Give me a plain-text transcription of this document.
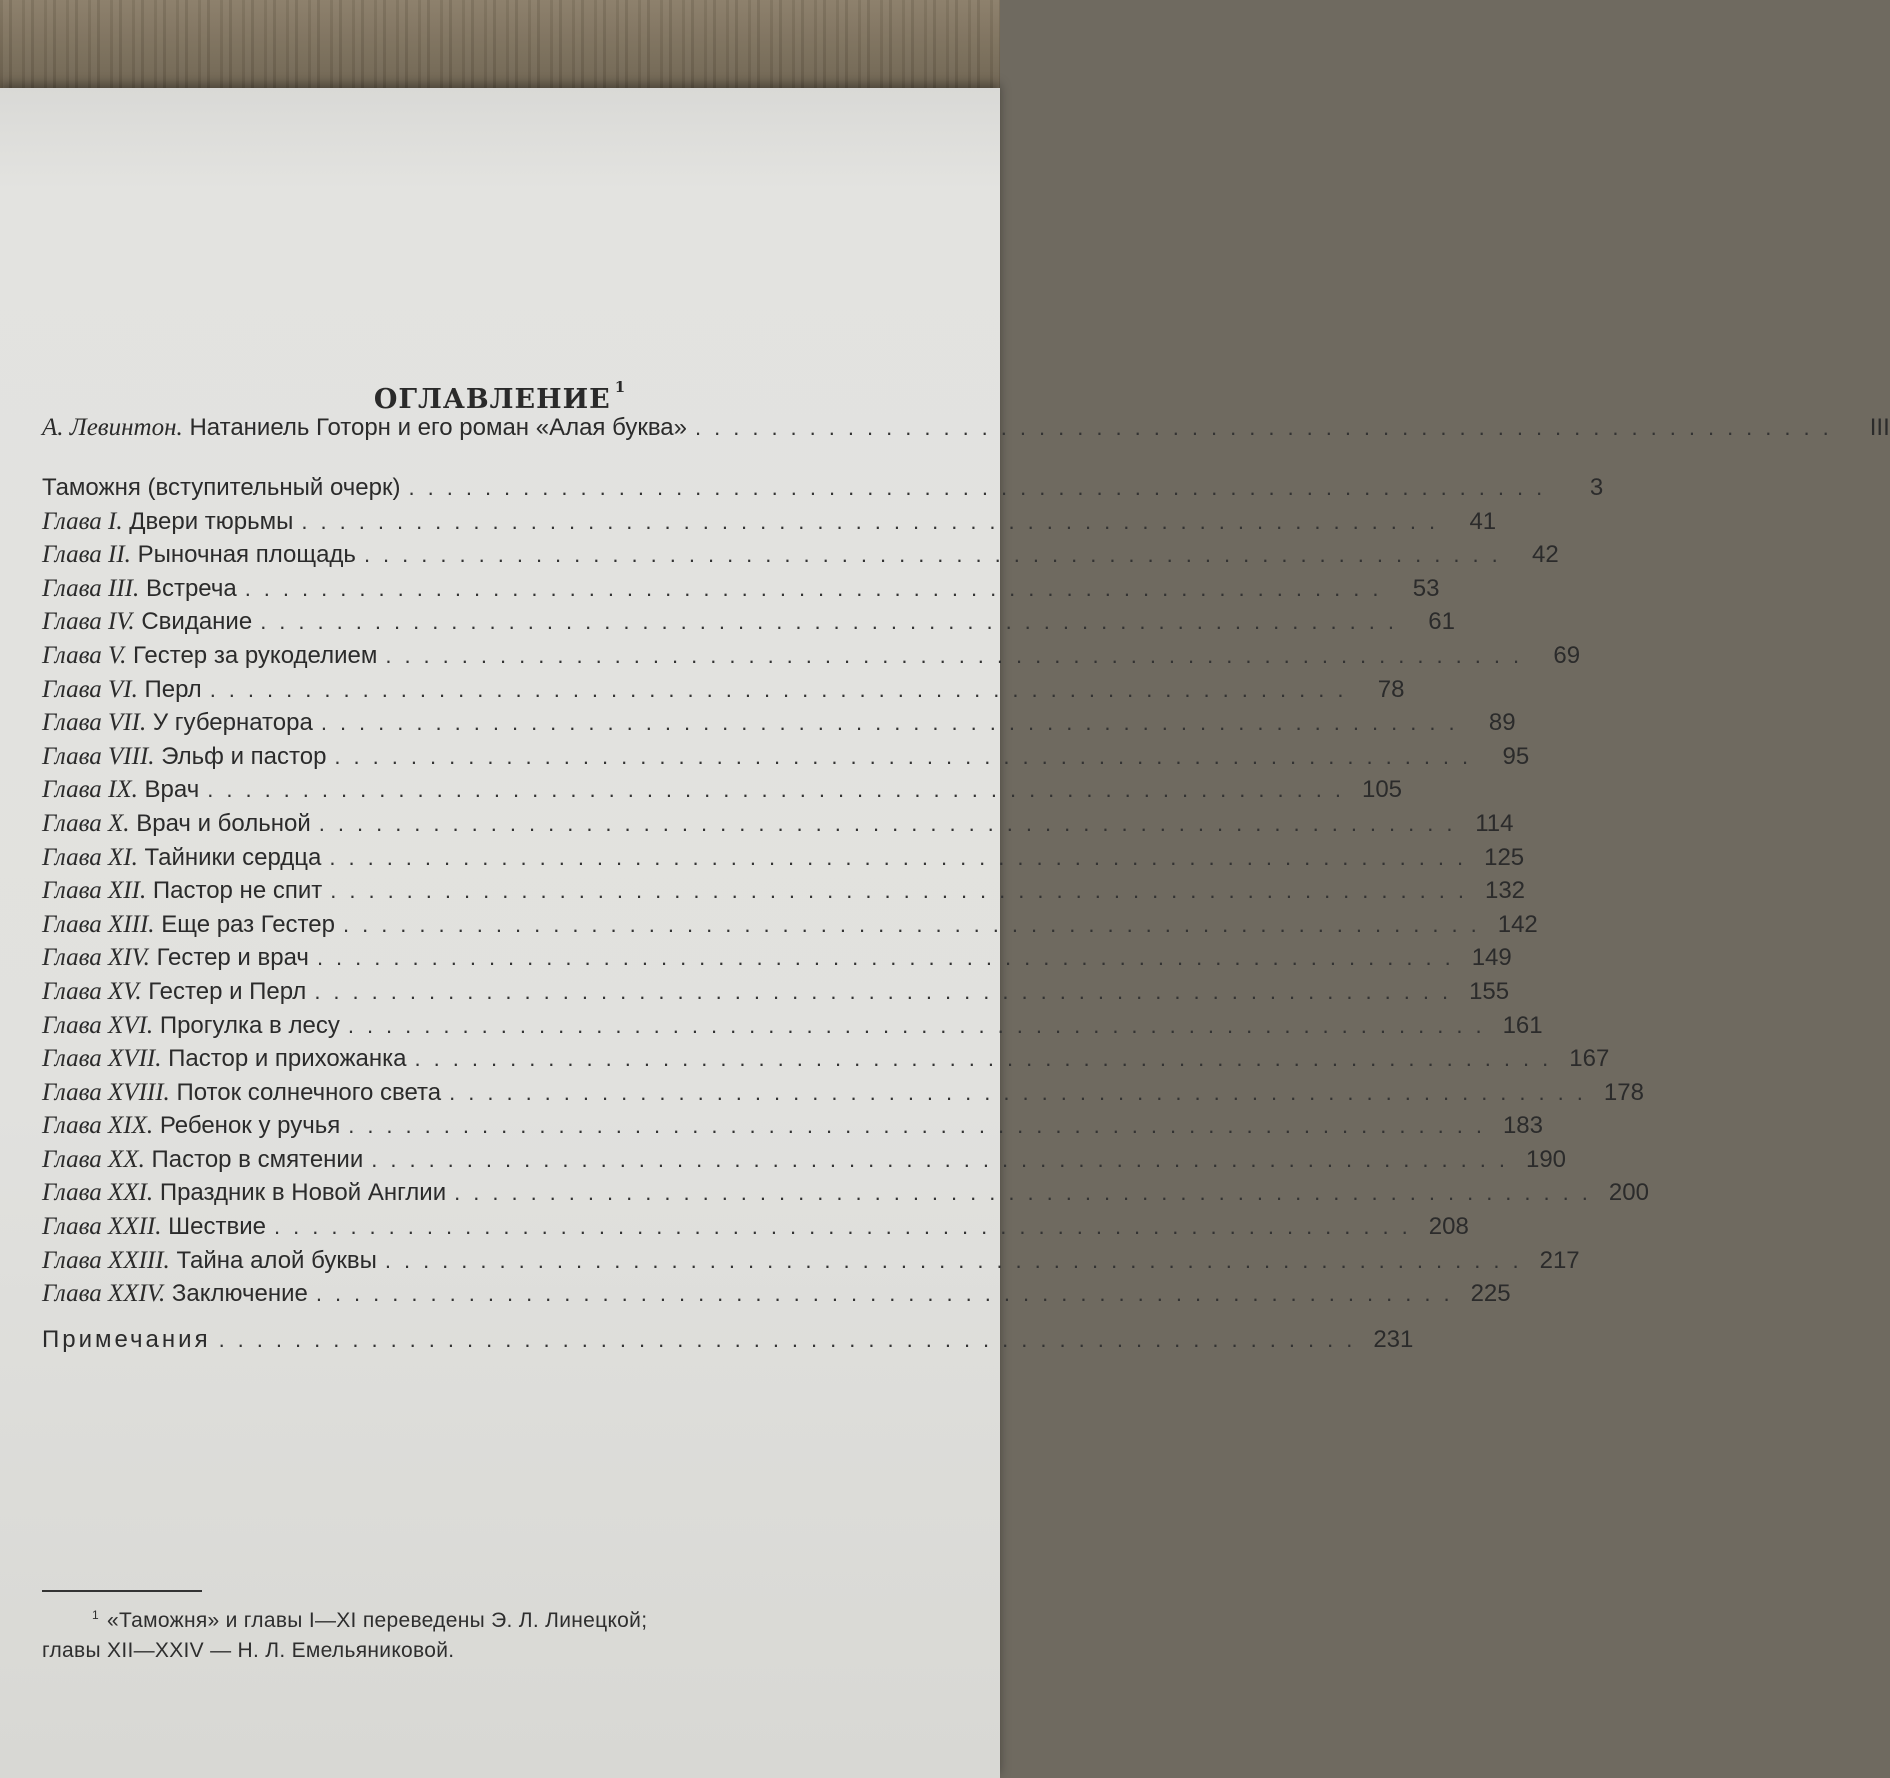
ОГЛАВЛЕНИЕ $^1$
А. Левинтон. Натаниель Готорн и его роман «Алая буква» ............................................................	III
Таможня (вступительный очерк) ............................................................	3
Глава I. Двери тюрьмы ............................................................ 41
Глава II. Рыночная площадь ............................................................ 42
Глава III. Встреча ............................................................ 53
Глава IV. Свидание ............................................................ 61
Глава V. Гестер за рукоделием ............................................................ 69
Глава VI. Перл ............................................................ 78
Глава VII. У губернатора ............................................................ 89
Глава VIII. Эльф и пастор ............................................................ 95
Глава IX. Врач ............................................................ 105
Глава X. Врач и больной ............................................................ 114
Глава XI. Тайники сердца ............................................................ 125
Глава XII. Пастор не спит ............................................................ 132
Глава XIII. Еще раз Гестер ............................................................ 142
Глава XIV. Гестер и врач ............................................................ 149
Глава XV. Гестер и Перл ............................................................ 155
Глава XVI. Прогулка в лесу ............................................................ 161
Глава XVII. Пастор и прихожанка ............................................................ 167
Глава XVIII. Поток солнечного света ............................................................ 178
Глава XIX. Ребенок у ручья ............................................................ 183
Глава XX. Пастор в смятении ............................................................ 190
Глава XXI. Праздник в Новой Англии ............................................................ 200
Глава XXII. Шествие ............................................................ 208
Глава XXIII. Тайна алой буквы ............................................................ 217
Глава XXIV. Заключение ............................................................ 225
Примечания ............................................................ 231
$^1$ «Таможня» и главы I—XI переведены Э. Л. Линецкой;
главы XII—XXIV — Н. Л. Емельяниковой.
